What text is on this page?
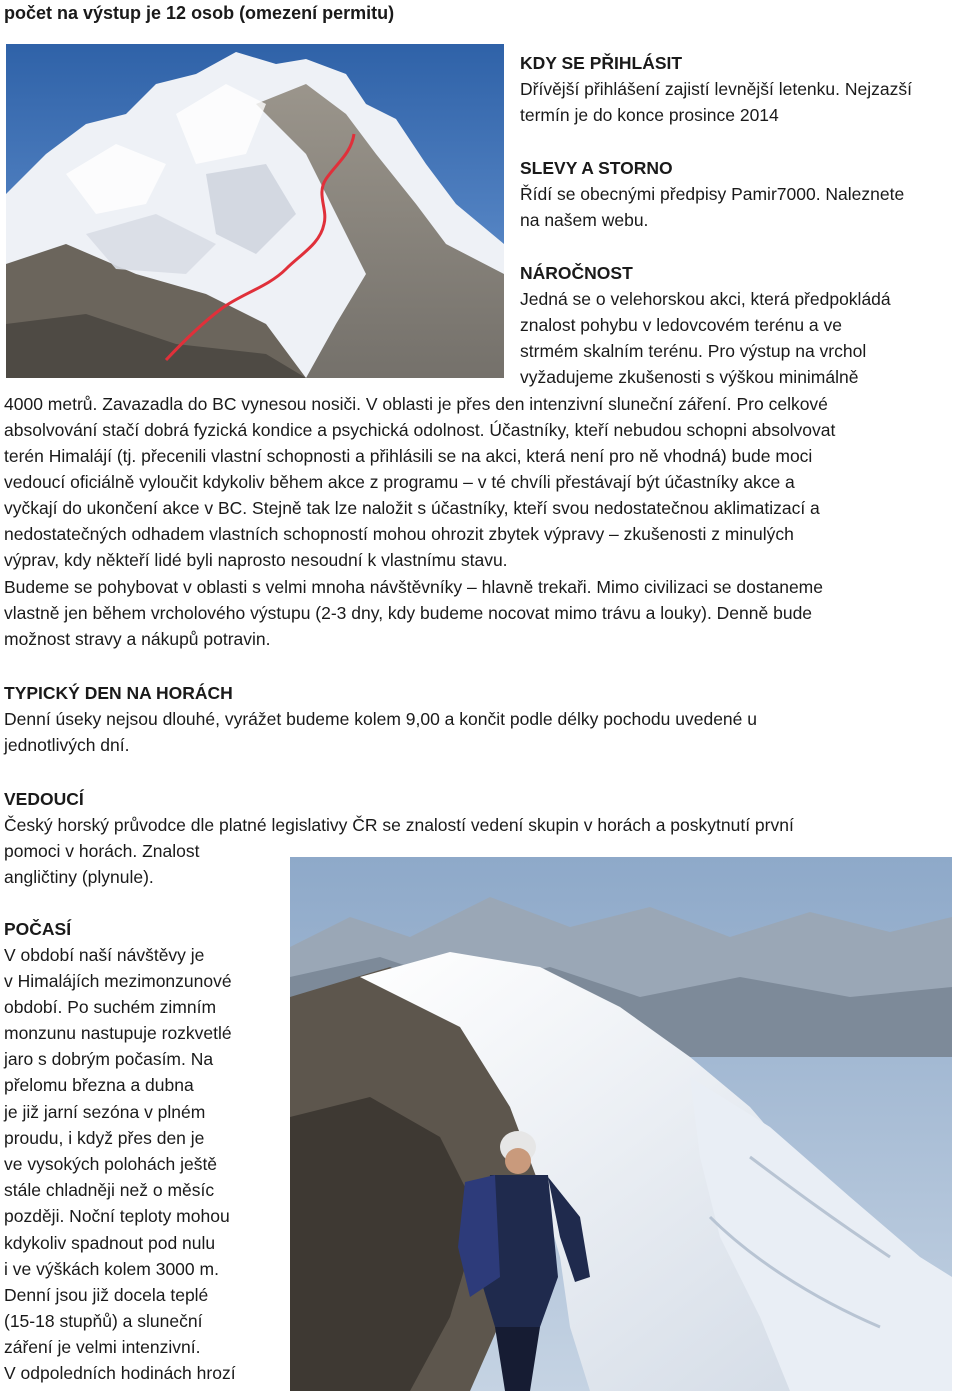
počet na výstup je 12 osob (omezení permitu)
KDY SE PŘIHLÁSIT

Dřívější přihlášení zajistí levnější letenku. Nejzazší

termín je do konce prosince 2014

SLEVY A STORNO

Řídí se obecnými předpisy Pamir7000. Naleznete

na našem webu.

NÁROČNOST

Jedná se o velehorskou akci, která předpokládá

znalost pohybu v ledovcovém terénu a ve

strmém skalním terénu. Pro výstup na vrchol

vyžadujeme zkušenosti s výškou minimálně

4000 metrů. Zavazadla do BC vynesou nosiči. V oblasti je přes den intenzivní sluneční záření. Pro celkové

absolvování stačí dobrá fyzická kondice a psychická odolnost. Účastníky, kteří nebudou schopni absolvovat

terén Himalájí (tj. přecenili vlastní schopnosti a přihlásili se na akci, která není pro ně vhodná) bude moci

vedoucí oficiálně vyloučit kdykoliv během akce z programu – v té chvíli přestávají být účastníky akce a

vyčkají do ukončení akce v BC. Stejně tak lze naložit s účastníky, kteří svou nedostatečnou aklimatizací a

nedostatečných odhadem vlastních schopností mohou ohrozit zbytek výpravy – zkušenosti z minulých

výprav, kdy někteří lidé byli naprosto nesoudní k vlastnímu stavu.

Budeme se pohybovat v oblasti s velmi mnoha návštěvníky – hlavně trekaři. Mimo civilizaci se dostaneme

vlastně jen během vrcholového výstupu (2-3 dny, kdy budeme nocovat mimo trávu a louky). Denně bude

možnost stravy a nákupů potravin.

TYPICKÝ DEN NA HORÁCH

Denní úseky nejsou dlouhé, vyrážet budeme kolem 9,00 a končit podle délky pochodu uvedené u

jednotlivých dní.

VEDOUCÍ

Český horský průvodce dle platné legislativy ČR se znalostí vedení skupin v horách a poskytnutí první

pomoci v horách. Znalost

angličtiny (plynule).

POČASÍ

V období naší návštěvy je

v Himalájích mezimonzunové

období. Po suchém zimním

monzunu nastupuje rozkvetlé

jaro s dobrým počasím. Na

přelomu března a dubna

je již jarní sezóna v plném

proudu, i když přes den je

ve vysokých polohách ještě

stále chladněji než o měsíc

později. Noční teploty mohou

kdykoliv spadnout pod nulu

i ve výškách kolem 3000 m.

Denní jsou již docela teplé

(15-18 stupňů) a sluneční

záření je velmi intenzivní.

V odpoledních hodinách hrozí
